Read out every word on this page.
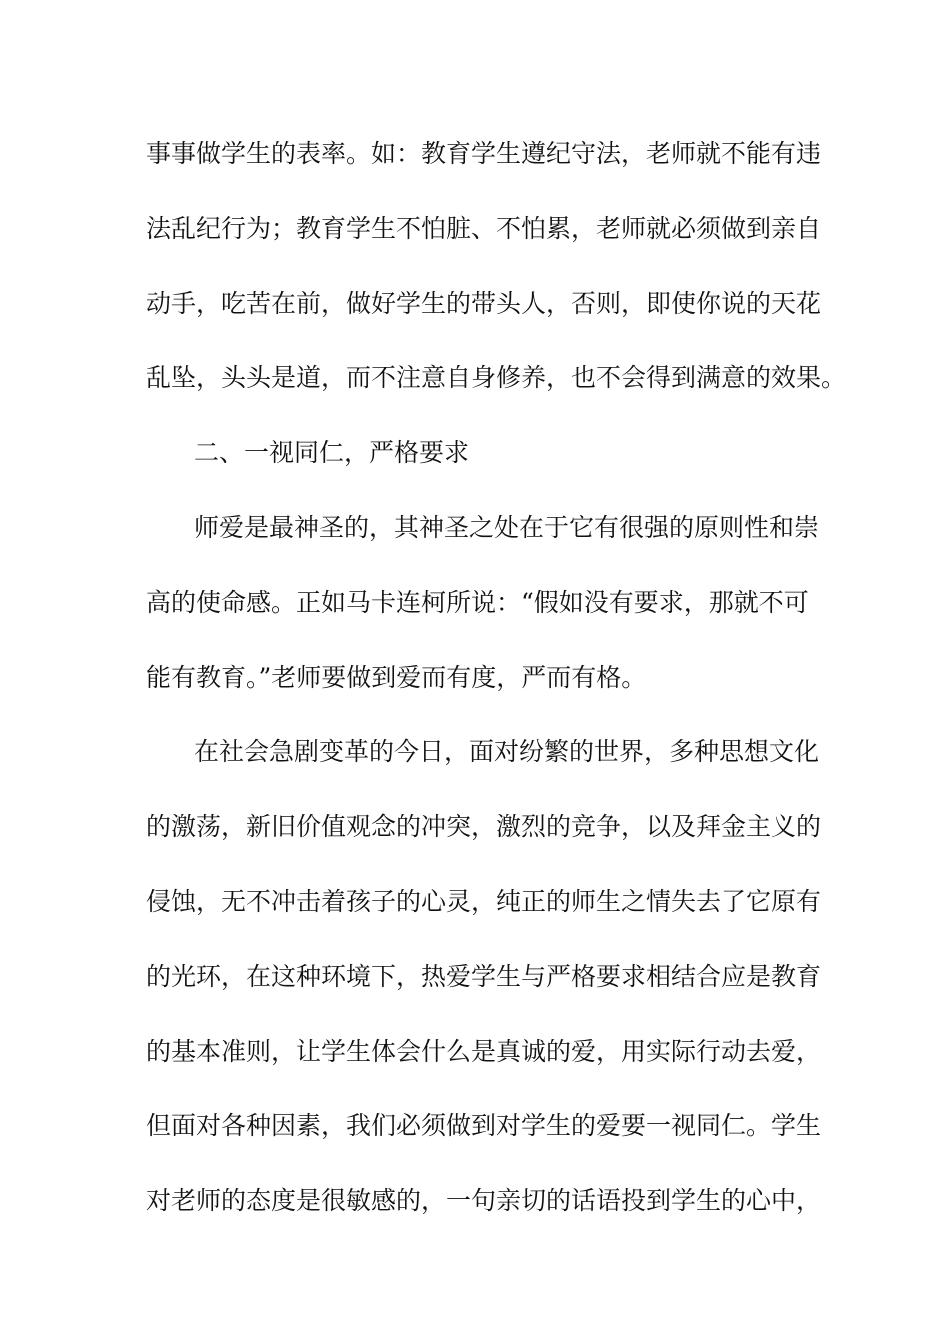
事事做学生的表率。如：教育学生遵纪守法，老师就不能有违
法乱纪行为；教育学生不怕脏、不怕累，老师就必须做到亲自
动手，吃苦在前，做好学生的带头人，否则，即使你说的天花
乱坠，头头是道，而不注意自身修养，也不会得到满意的效果。
二、一视同仁，严格要求
师爱是最神圣的，其神圣之处在于它有很强的原则性和崇
高的使命感。正如马卡连柯所说：“假如没有要求，那就不可
能有教育。”老师要做到爱而有度，严而有格。
在社会急剧变革的今日，面对纷繁的世界，多种思想文化
的激荡，新旧价值观念的冲突，激烈的竞争，以及拜金主义的
侵蚀，无不冲击着孩子的心灵，纯正的师生之情失去了它原有
的光环，在这种环境下，热爱学生与严格要求相结合应是教育
的基本准则，让学生体会什么是真诚的爱，用实际行动去爱，
但面对各种因素，我们必须做到对学生的爱要一视同仁。学生
对老师的态度是很敏感的，一句亲切的话语投到学生的心中，
